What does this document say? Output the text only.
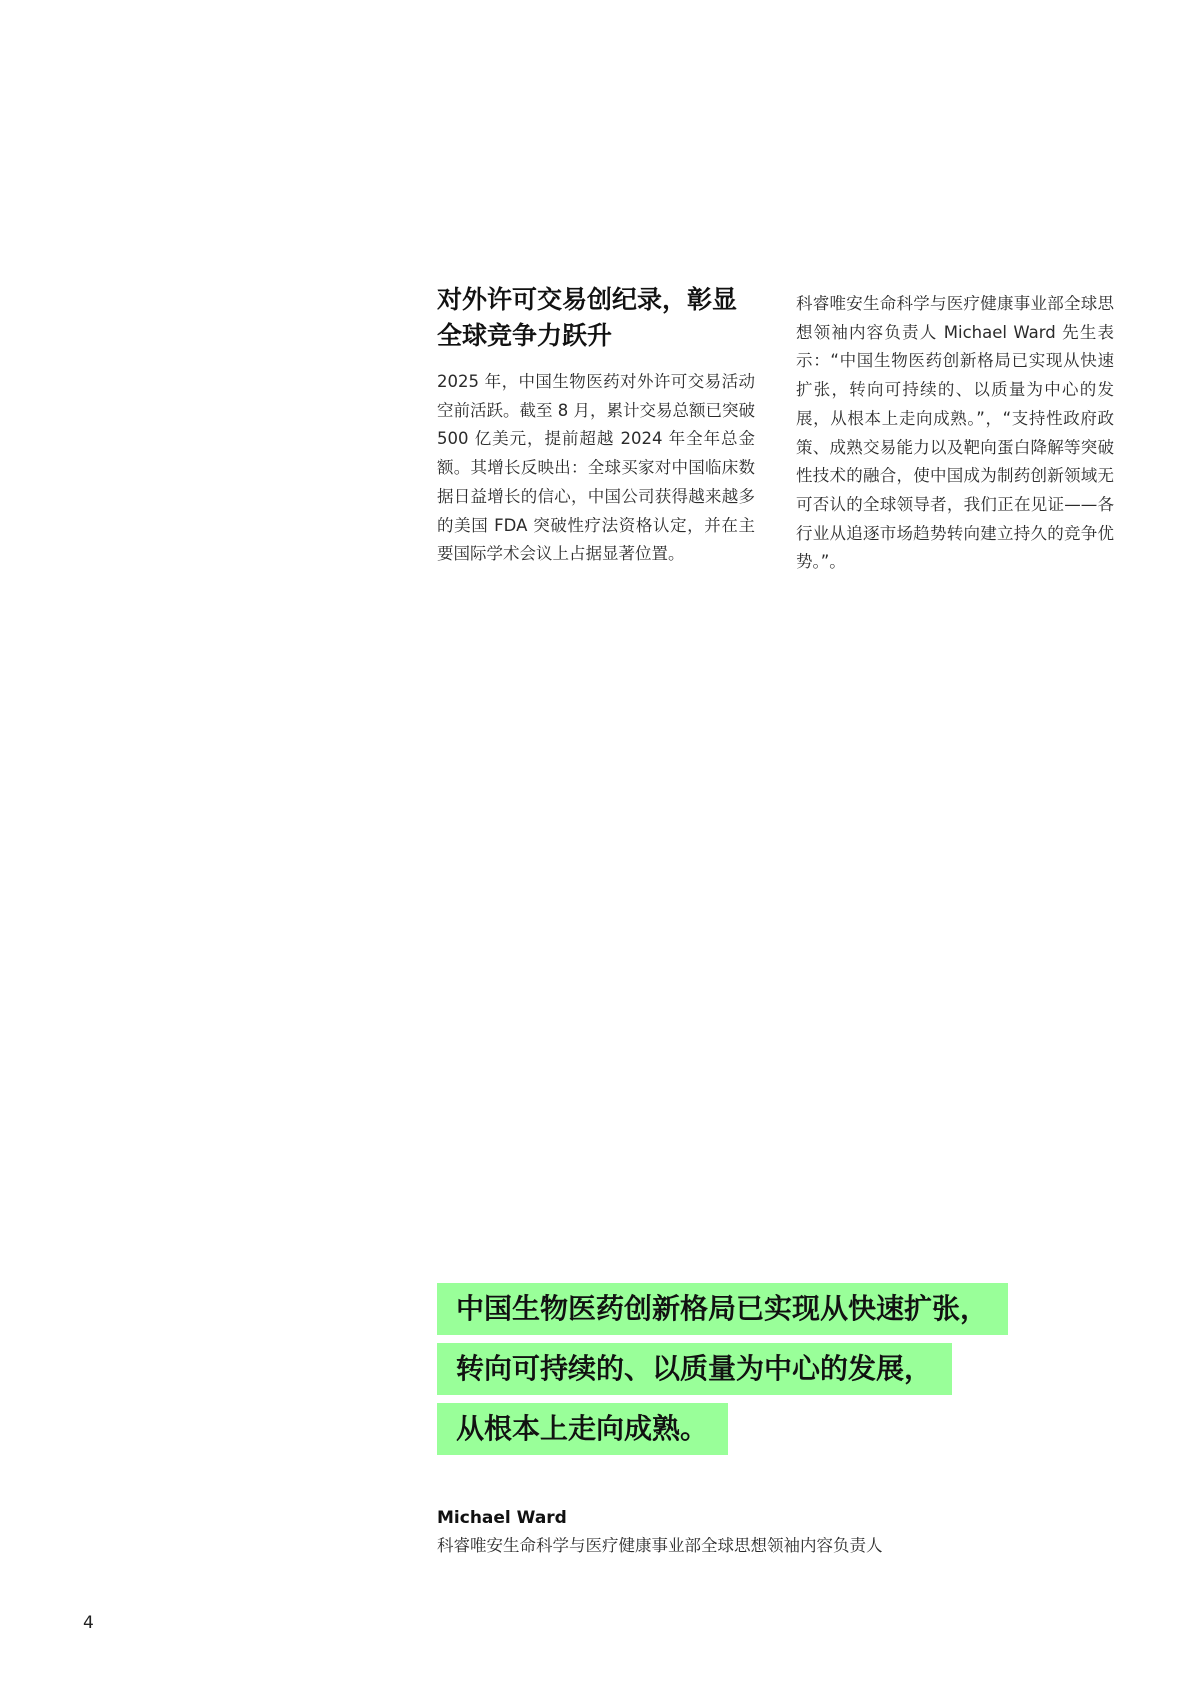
对外许可交易创纪录，彰显全球竞争力跃升

2025 年，中国生物医药对外许可交易活动空前活跃。截至 8 月，累计交易总额已突破 500 亿美元，提前超越 2024 年全年总金额。其增长反映出：全球买家对中国临床数据日益增长的信心，中国公司获得越来越多的美国 FDA 突破性疗法资格认定，并在主要国际学术会议上占据显著位置。

科睿唯安生命科学与医疗健康事业部全球思想领袖内容负责人 Michael Ward 先生表示：“中国生物医药创新格局已实现从快速扩张，转向可持续的、以质量为中心的发展，从根本上走向成熟。”，“支持性政府政策、成熟交易能力以及靶向蛋白降解等突破性技术的融合，使中国成为制药创新领域无可否认的全球领导者，我们正在见证——各行业从追逐市场趋势转向建立持久的竞争优势。”。

中国生物医药创新格局已实现从快速扩张，
转向可持续的、以质量为中心的发展，
从根本上走向成熟。
Michael Ward
科睿唯安生命科学与医疗健康事业部全球思想领袖内容负责人
4
